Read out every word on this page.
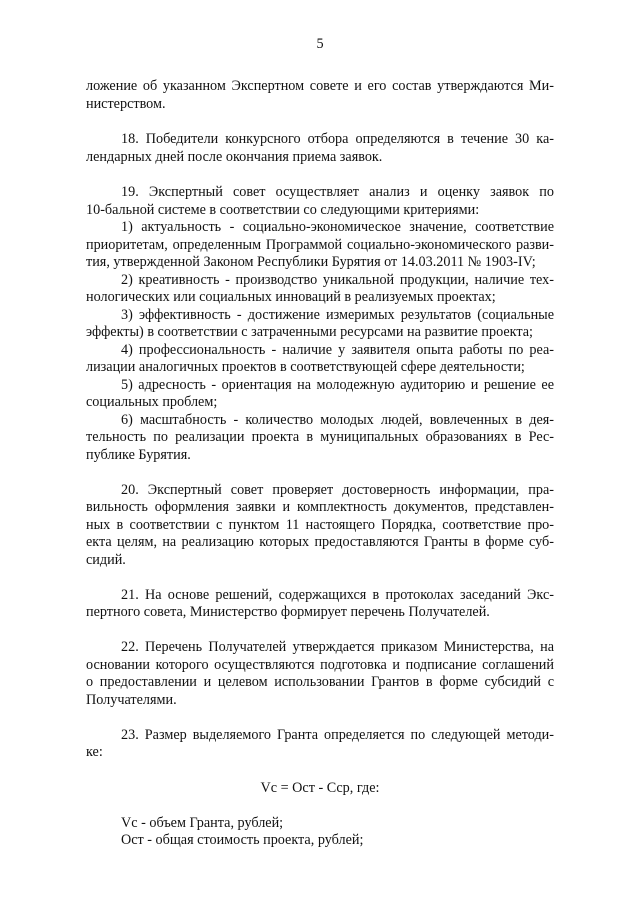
5
ложение об указанном Экспертном совете и его состав утверждаются Ми-
нистерством.
18. Победители конкурсного отбора определяются в течение 30 ка-
лендарных дней после окончания приема заявок.
19. Экспертный совет осуществляет анализ и оценку заявок по
10-бальной системе в соответствии со следующими критериями:
1) актуальность - социально-экономическое значение, соответствие
приоритетам, определенным Программой социально-экономического разви-
тия, утвержденной Законом Республики Бурятия от 14.03.2011 № 1903-IV;
2) креативность - производство уникальной продукции, наличие тех-
нологических или социальных инноваций в реализуемых проектах;
3) эффективность - достижение измеримых результатов (социальные
эффекты) в соответствии с затраченными ресурсами на развитие проекта;
4) профессиональность - наличие у заявителя опыта работы по реа-
лизации аналогичных проектов в соответствующей сфере деятельности;
5) адресность - ориентация на молодежную аудиторию и решение ее
социальных проблем;
6) масштабность - количество молодых людей, вовлеченных в дея-
тельность по реализации проекта в муниципальных образованиях в Рес-
публике Бурятия.
20. Экспертный совет проверяет достоверность информации, пра-
вильность оформления заявки и комплектность документов, представлен-
ных в соответствии с пунктом 11 настоящего Порядка, соответствие про-
екта целям, на реализацию которых предоставляются Гранты в форме суб-
сидий.
21. На основе решений, содержащихся в протоколах заседаний Экс-
пертного совета, Министерство формирует перечень Получателей.
22. Перечень Получателей утверждается приказом Министерства, на
основании которого осуществляются подготовка и подписание соглашений
о предоставлении и целевом использовании Грантов в форме субсидий с
Получателями.
23. Размер выделяемого Гранта определяется по следующей методи-
ке:
Vc = Ост - Сср, где:
Vc - объем Гранта, рублей;
Ост - общая стоимость проекта, рублей;
